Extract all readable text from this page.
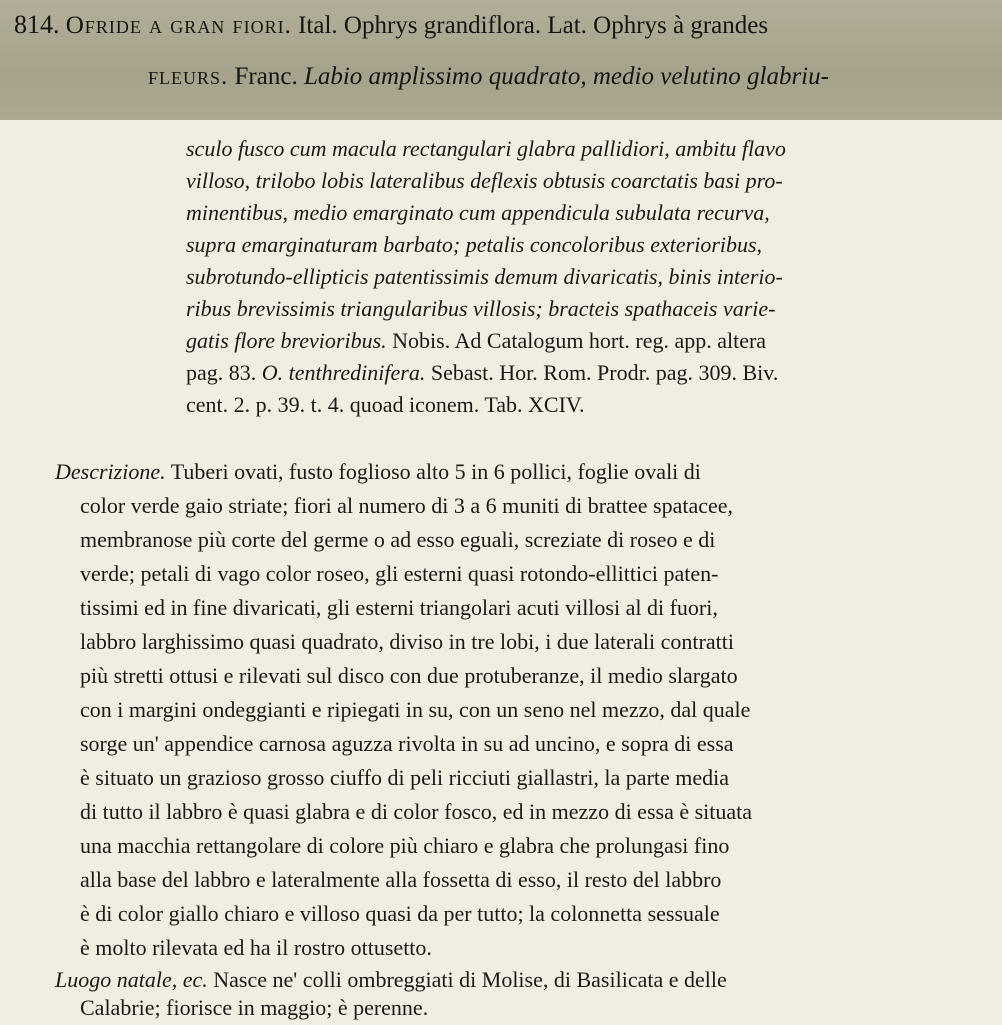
814. Ofride a gran fiori. Ital. Ophrys grandiflora. Lat. Ophrys à grandes
fleurs. Franc. Labio amplissimo quadrato, medio velutino glabriu-
sculo fusco cum macula rectangulari glabra pallidiori, ambitu flavo
villoso, trilobo lobis lateralibus deflexis obtusis coarctatis basi pro-
minentibus, medio emarginato cum appendicula subulata recurva,
supra emarginaturam barbato; petalis concoloribus exterioribus,
subrotundo-ellipticis patentissimis demum divaricatis, binis interio-
ribus brevissimis triangularibus villosis; bracteis spathaceis varie-
gatis flore brevioribus. Nobis. Ad Catalogum hort. reg. app. altera
pag. 83. O. tenthredinifera. Sebast. Hor. Rom. Prodr. pag. 309. Biv.
cent. 2. p. 39. t. 4. quoad iconem. Tab. XCIV.
Descrizione. Tuberi ovati, fusto foglioso alto 5 in 6 pollici, foglie ovali di
color verde gaio striate; fiori al numero di 3 a 6 muniti di brattee spatacee,
membranose più corte del germe o ad esso eguali, screziate di roseo e di
verde; petali di vago color roseo, gli esterni quasi rotondo-ellittici paten-
tissimi ed in fine divaricati, gli esterni triangolari acuti villosi al di fuori,
labbro larghissimo quasi quadrato, diviso in tre lobi, i due laterali contratti
più stretti ottusi e rilevati sul disco con due protuberanze, il medio slargato
con i margini ondeggianti e ripiegati in su, con un seno nel mezzo, dal quale
sorge un' appendice carnosa aguzza rivolta in su ad uncino, e sopra di essa
è situato un grazioso grosso ciuffo di peli ricciuti giallastri, la parte media
di tutto il labbro è quasi glabra e di color fosco, ed in mezzo di essa è situata
una macchia rettangolare di colore più chiaro e glabra che prolungasi fino
alla base del labbro e lateralmente alla fossetta di esso, il resto del labbro
è di color giallo chiaro e villoso quasi da per tutto; la colonnetta sessuale
è molto rilevata ed ha il rostro ottusetto.
Luogo natale, ec. Nasce ne' colli ombreggiati di Molise, di Basilicata e delle
Calabrie; fiorisce in maggio; è perenne.
